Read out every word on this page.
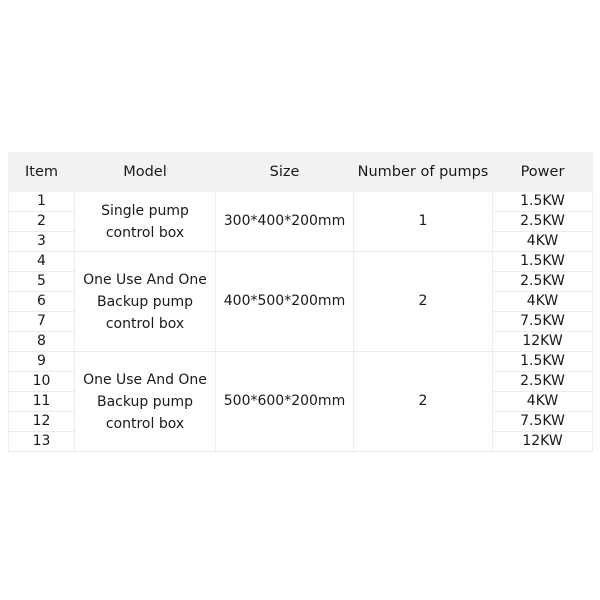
Item	Model	Size	Number of pumps	Power
1	Single pump control box	300*400*200mm	1	1.5KW
2				2.5KW
3				4KW
4	One Use And One Backup pump control box	400*500*200mm	2	1.5KW
5				2.5KW
6				4KW
7				7.5KW
8				12KW
9	One Use And One Backup pump control box	500*600*200mm	2	1.5KW
10				2.5KW
11				4KW
12				7.5KW
13				12KW
